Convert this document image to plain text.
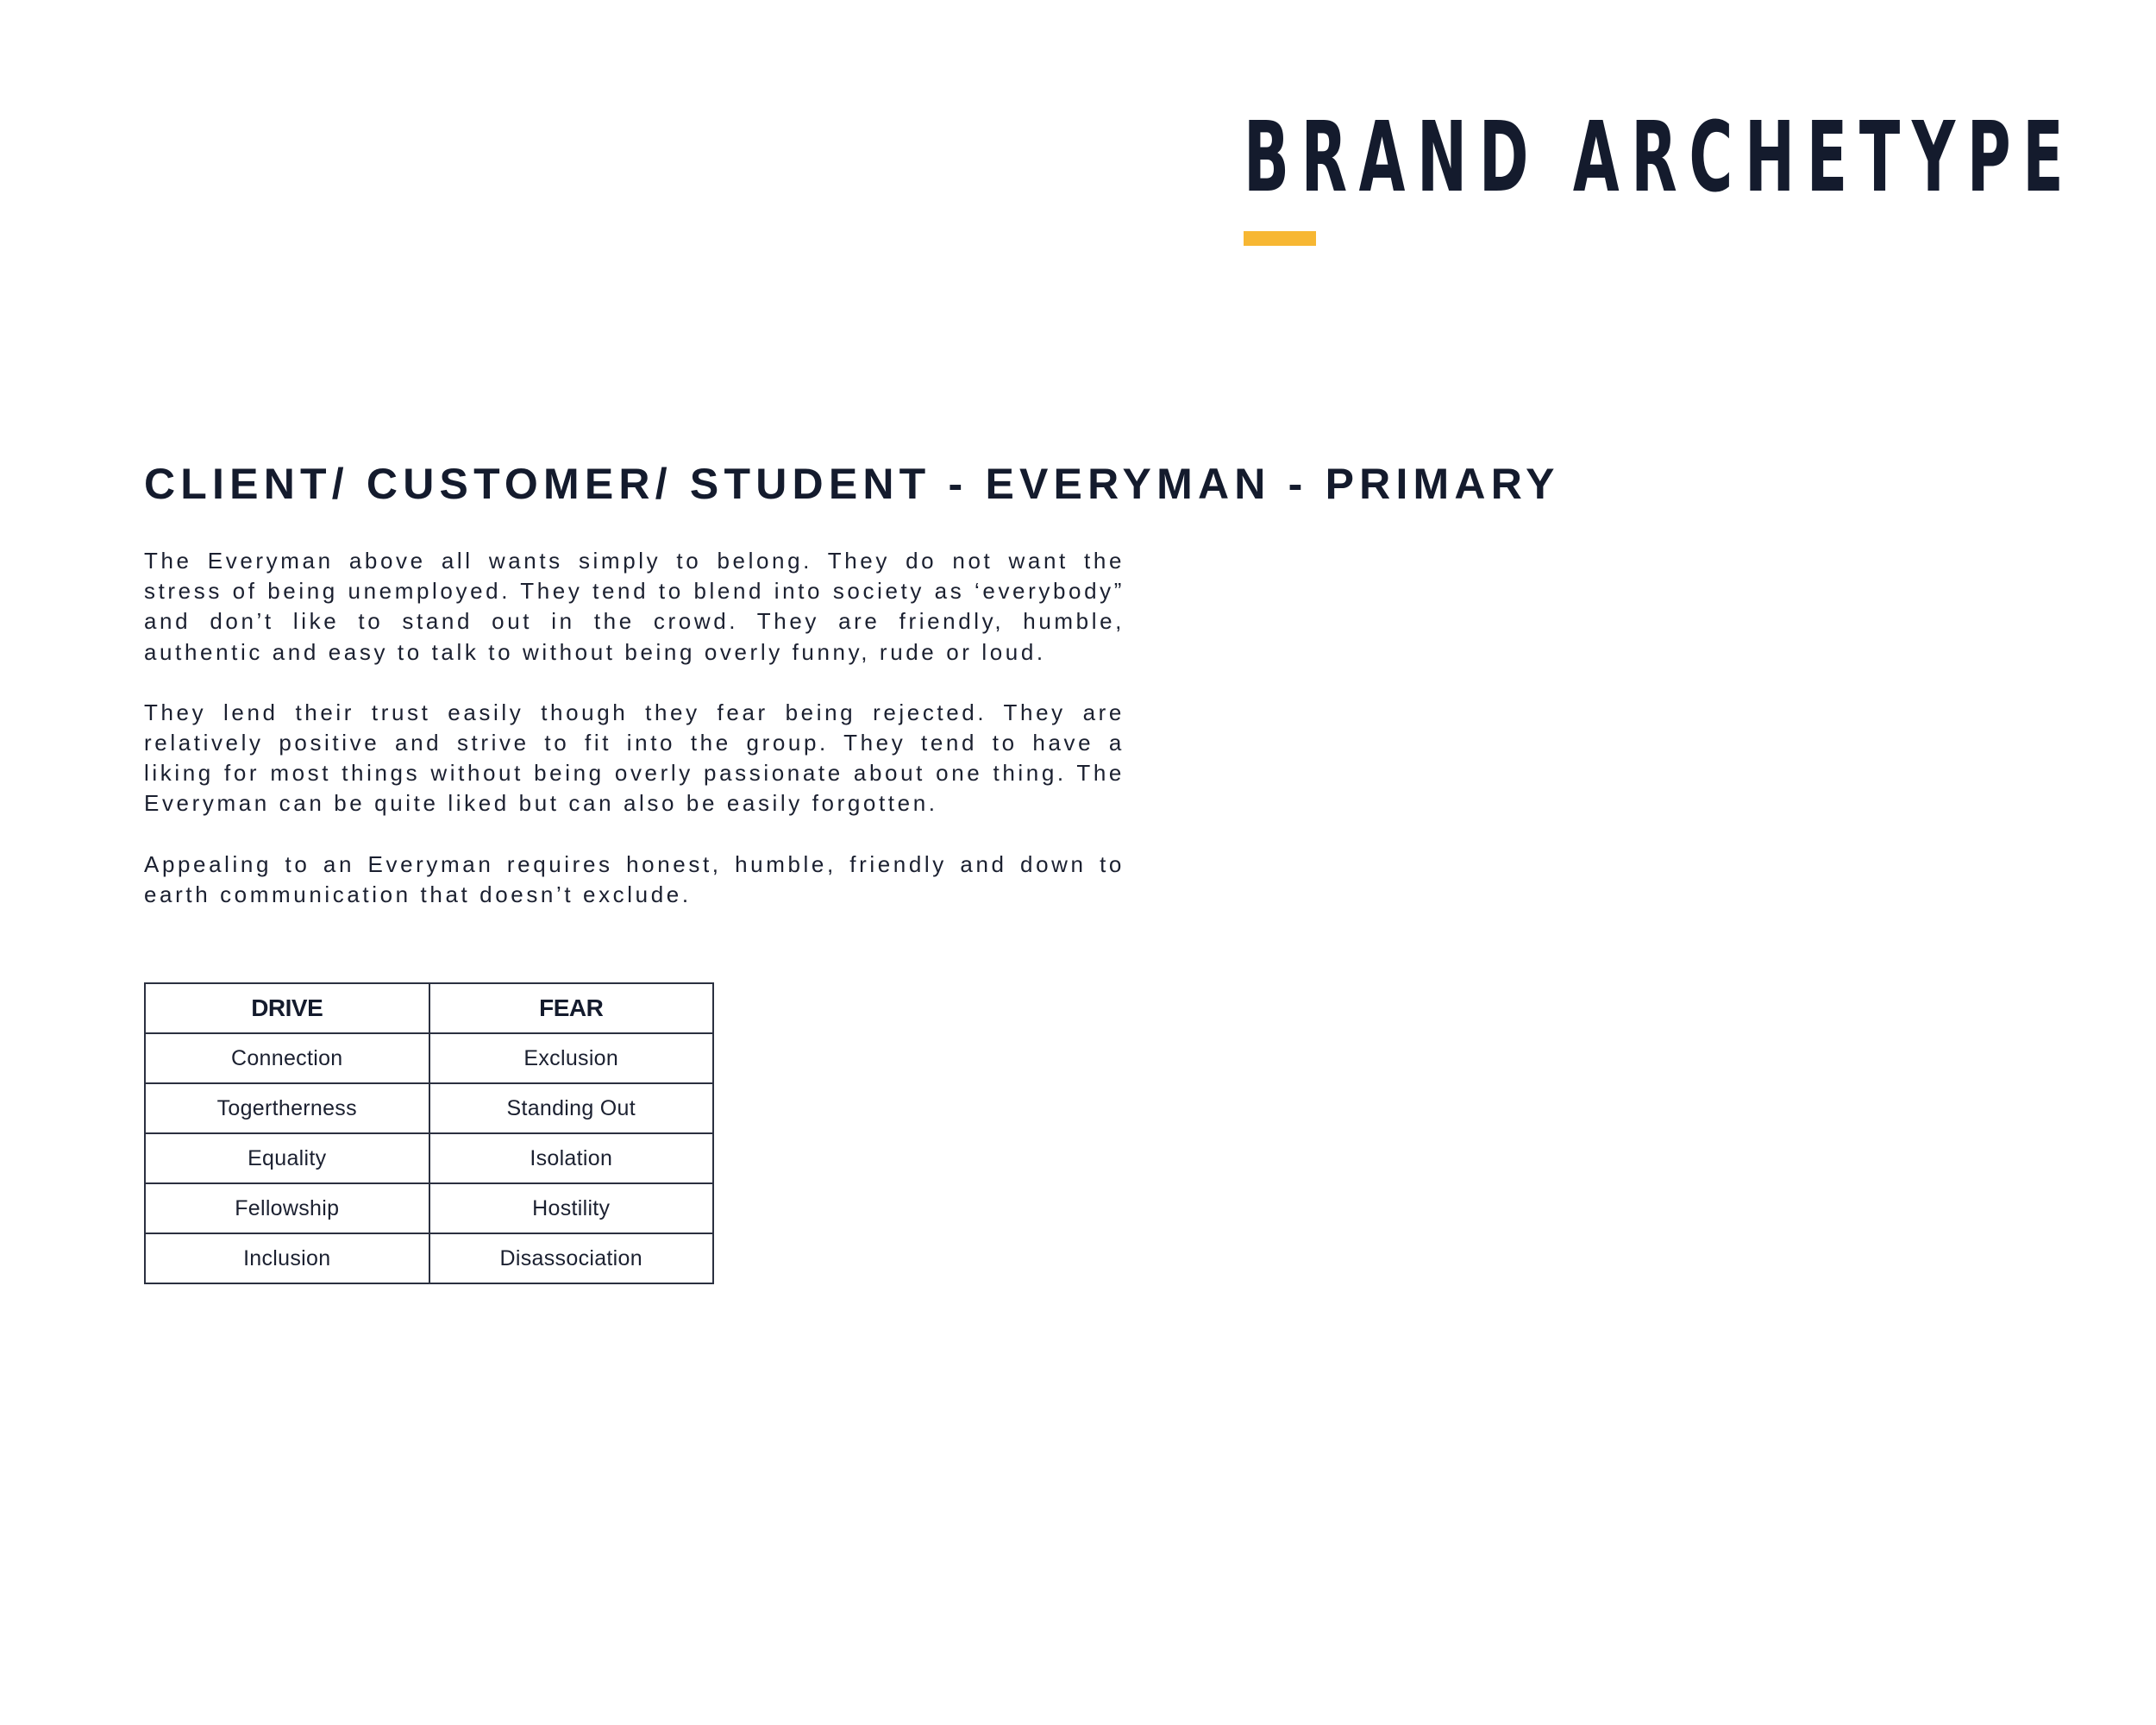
BRAND ARCHETYPE
CLIENT/ CUSTOMER/ STUDENT - EVERYMAN - PRIMARY

The Everyman above all wants simply to belong. They do not want the stress of being unemployed. They tend to blend into society as ‘everybody” and don’t like to stand out in the crowd. They are friendly, humble, authentic and easy to talk to without being overly funny, rude or loud.

They lend their trust easily though they fear being rejected. They are relatively positive and strive to fit into the group. They tend to have a liking for most things without being overly passionate about one thing. The Everyman can be quite liked but can also be easily forgotten.

Appealing to an Everyman requires honest, humble, friendly and down to earth communication that doesn’t exclude.

DRIVE	FEAR
Connection	Exclusion
Togertherness	Standing Out
Equality	Isolation
Fellowship	Hostility
Inclusion	Disassociation
